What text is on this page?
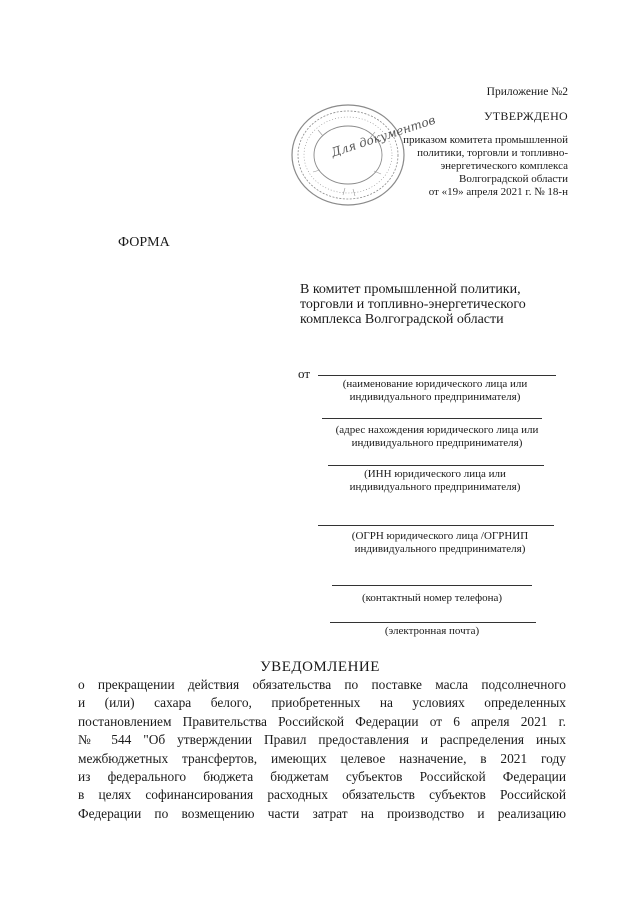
Приложение №2
УТВЕРЖДЕНО
приказом комитета промышленной
политики, торговли и топливно-
энергетического комплекса
Волгоградской области
от «19» апреля 2021 г. № 18-н
Для документов
ФОРМА
В комитет промышленной политики,
торговли и топливно-энергетического
комплекса Волгоградской области
от
(наименование юридического лица или
индивидуального предпринимателя)
(адрес нахождения юридического лица или
индивидуального предпринимателя)
(ИНН юридического лица или
индивидуального предпринимателя)
(ОГРН юридического лица /ОГРНИП
индивидуального предпринимателя)
(контактный номер телефона)
(электронная почта)
УВЕДОМЛЕНИЕ
о прекращении действия обязательства по поставке масла подсолнечного
и (или) сахара белого, приобретенных на условиях определенных
постановлением Правительства Российской Федерации от 6 апреля 2021 г.
№ 544 "Об утверждении Правил предоставления и распределения иных
межбюджетных трансфертов, имеющих целевое назначение, в 2021 году
из федерального бюджета бюджетам субъектов Российской Федерации
в целях софинансирования расходных обязательств субъектов Российской
Федерации по возмещению части затрат на производство и реализацию
